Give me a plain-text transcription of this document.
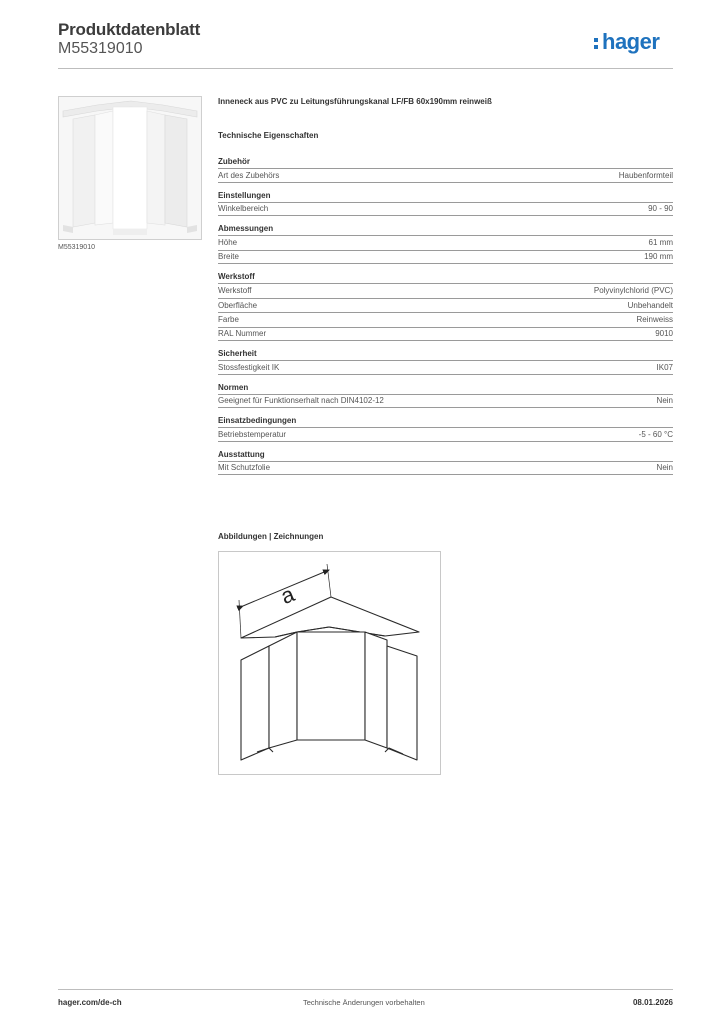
Produktdatenblatt
M55319010	hager
M55319010
Inneneck aus PVC zu Leitungsführungskanal LF/FB 60x190mm reinweiß
Technische Eigenschaften
Zubehör
Art des Zubehörs	Haubenformteil
Einstellungen
Winkelbereich	90 - 90
Abmessungen
Höhe	61 mm
Breite	190 mm
Werkstoff
Werkstoff	Polyvinylchlorid (PVC)
Oberfläche	Unbehandelt
Farbe	Reinweiss
RAL Nummer	9010
Sicherheit
Stossfestigkeit IK	IK07
Normen
Geeignet für Funktionserhalt nach DIN4102-12	Nein
Einsatzbedingungen
Betriebstemperatur	-5 - 60 °C
Ausstattung
Mit Schutzfolie	Nein
Abbildungen | Zeichnungen
a
hager.com/de-ch	Technische Änderungen vorbehalten	08.01.2026
